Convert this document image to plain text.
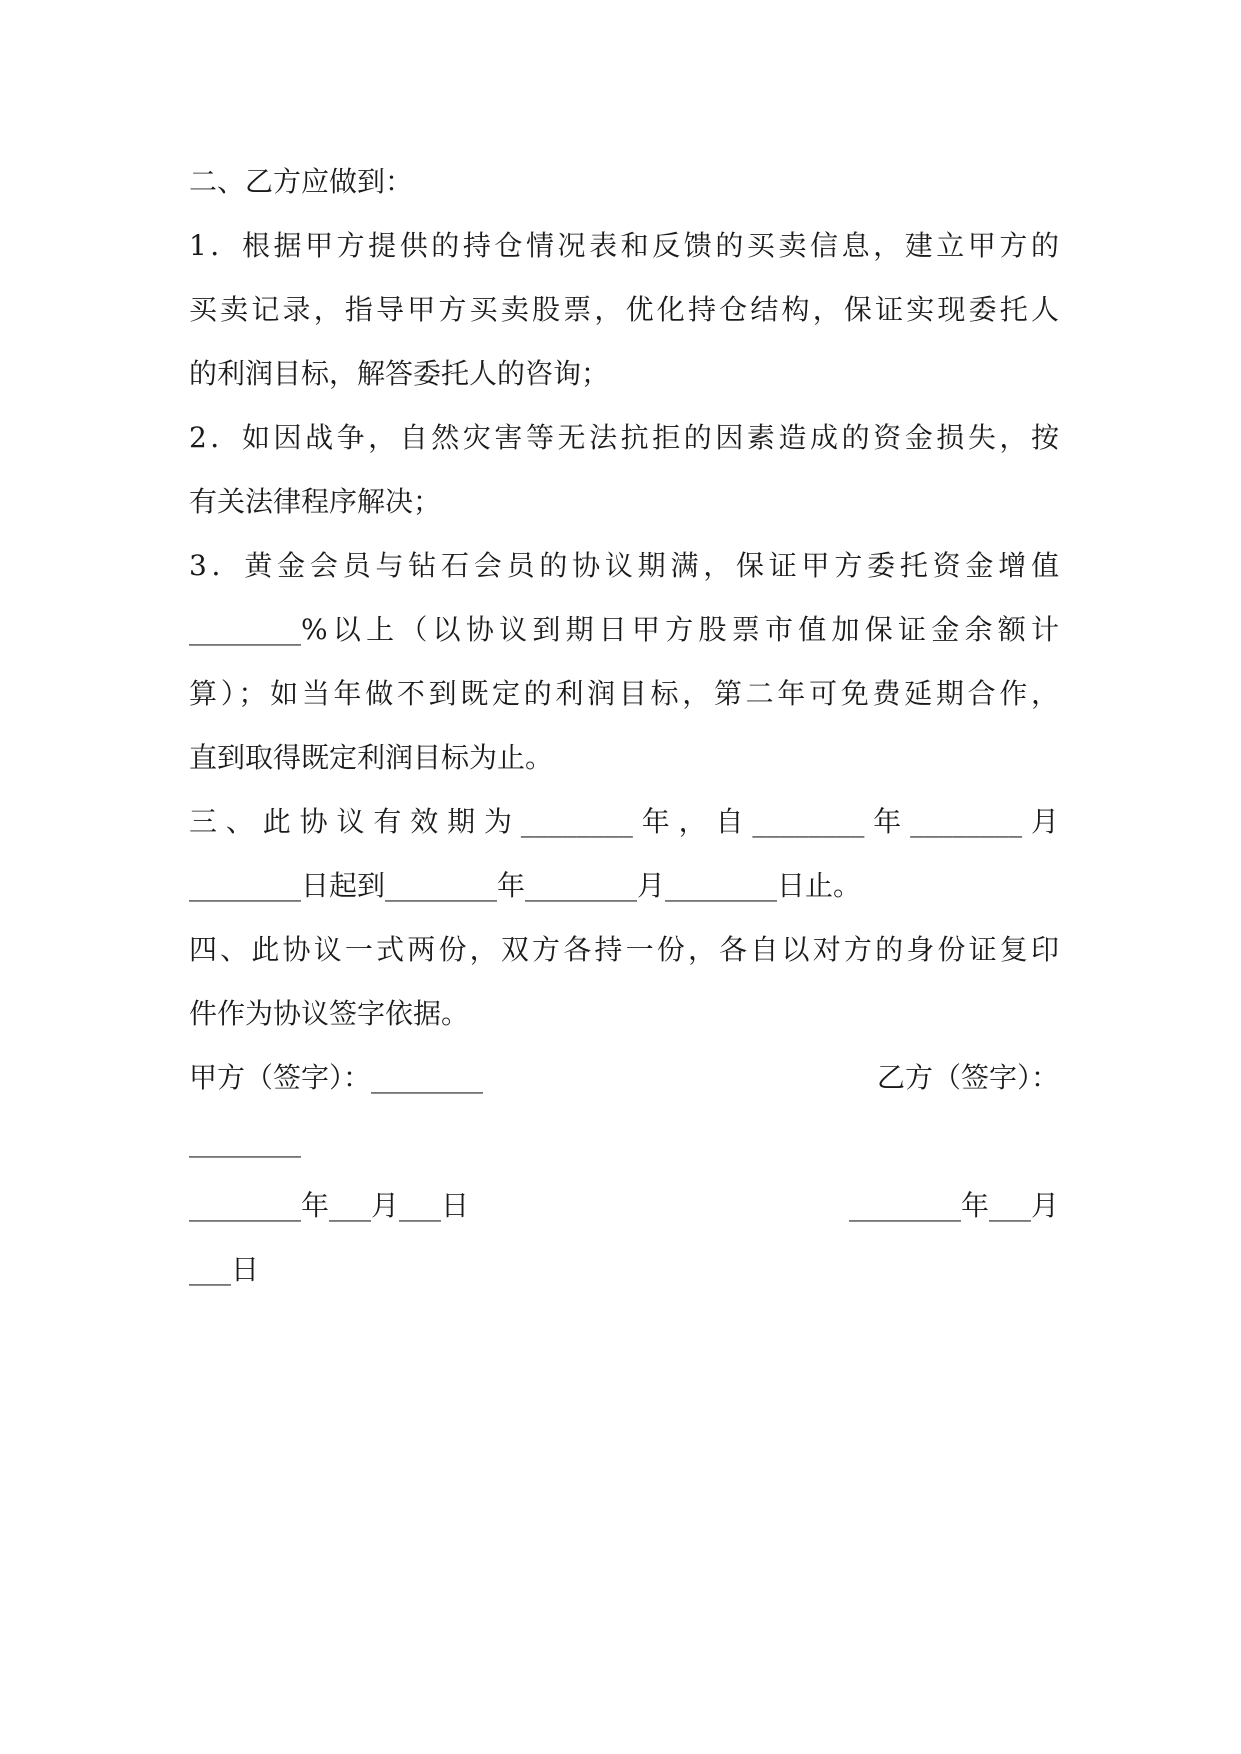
二、乙方应做到：
1．根据甲方提供的持仓情况表和反馈的买卖信息，建立甲方的
买卖记录，指导甲方买卖股票，优化持仓结构，保证实现委托人
的利润目标，解答委托人的咨询；
2．如因战争，自然灾害等无法抗拒的因素造成的资金损失，按
有关法律程序解决；
3．黄金会员与钻石会员的协议期满，保证甲方委托资金增值
________%以上（以协议到期日甲方股票市值加保证金余额计
算）；如当年做不到既定的利润目标，第二年可免费延期合作，
直到取得既定利润目标为止。
三、此协议有效期为________年，自________年________月
________日起到________年________月________日止。
四、此协议一式两份，双方各持一份，各自以对方的身份证复印
件作为协议签字依据。
甲方（签字）：________	乙方（签字）：
________
________年___月___日	________年___月
___日
